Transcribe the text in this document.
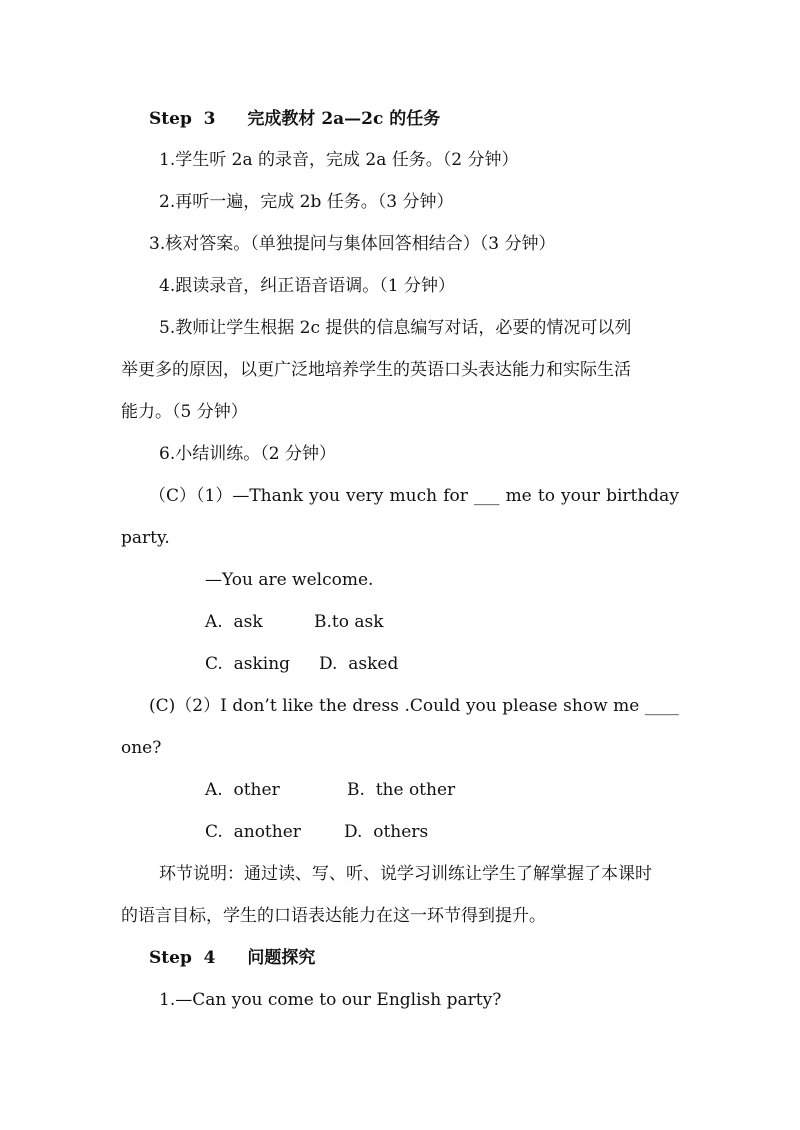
Step  3 完成教材 2a—2c 的任务
1.学生听 2a 的录音，完成 2a 任务。（2 分钟）
2.再听一遍，完成 2b 任务。（3 分钟）
3.核对答案。（单独提问与集体回答相结合）（3 分钟）
4.跟读录音，纠正语音语调。（1 分钟）
5.教师让学生根据 2c 提供的信息编写对话，必要的情况可以列
举更多的原因，以更广泛地培养学生的英语口头表达能力和实际生活
能力。（5 分钟）
6.小结训练。（2 分钟）
（C）（1）—Thank you very much for ___ me to your birthday
party.
—You are welcome.
A.  ask	B.to ask
C.  asking D.  asked
(C)（2）I don’t like the dress .Could you please show me ____
one?
A.  other	B.  the other
C.  another	D.  others
环节说明：通过读、写、听、说学习训练让学生了解掌握了本课时
的语言目标，学生的口语表达能力在这一环节得到提升。
Step  4 问题探究
1.—Can you come to our English party?
